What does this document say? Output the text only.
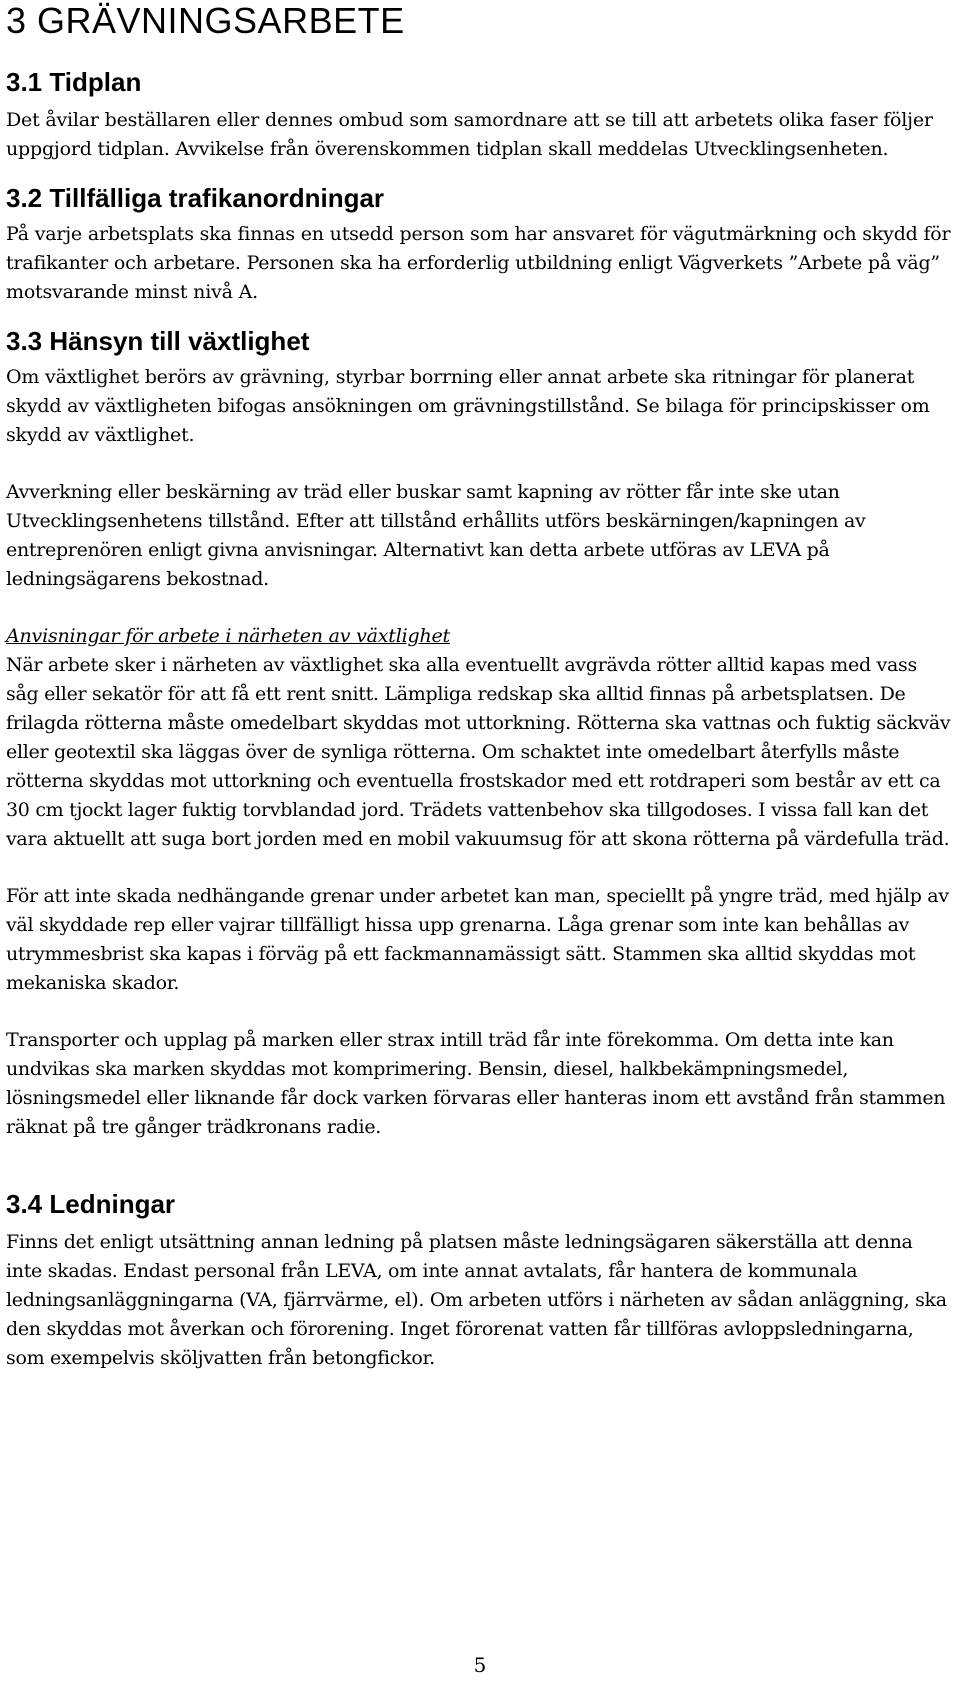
3 GRÄVNINGSARBETE
3.1 Tidplan

Det åvilar beställaren eller dennes ombud som samordnare att se till att arbetets olika faser följer uppgjord tidplan. Avvikelse från överenskommen tidplan skall meddelas Utvecklingsenheten.

3.2 Tillfälliga trafikanordningar

På varje arbetsplats ska finnas en utsedd person som har ansvaret för vägutmärkning och skydd för trafikanter och arbetare. Personen ska ha erforderlig utbildning enligt Vägverkets ”Arbete på väg” motsvarande minst nivå A.

3.3 Hänsyn till växtlighet

Om växtlighet berörs av grävning, styrbar borrning eller annat arbete ska ritningar för planerat skydd av växtligheten bifogas ansökningen om grävningstillstånd. Se bilaga för principskisser om skydd av växtlighet.

Avverkning eller beskärning av träd eller buskar samt kapning av rötter får inte ske utan Utvecklingsenhetens tillstånd. Efter att tillstånd erhållits utförs beskärningen/kapningen av entreprenören enligt givna anvisningar. Alternativt kan detta arbete utföras av LEVA på ledningsägarens bekostnad.

Anvisningar för arbete i närheten av växtlighet

När arbete sker i närheten av växtlighet ska alla eventuellt avgrävda rötter alltid kapas med vass såg eller sekatör för att få ett rent snitt. Lämpliga redskap ska alltid finnas på arbetsplatsen. De frilagda rötterna måste omedelbart skyddas mot uttorkning. Rötterna ska vattnas och fuktig säckväv eller geotextil ska läggas över de synliga rötterna. Om schaktet inte omedelbart återfylls måste rötterna skyddas mot uttorkning och eventuella frostskador med ett rotdraperi som består av ett ca 30 cm tjockt lager fuktig torvblandad jord. Trädets vattenbehov ska tillgodoses. I vissa fall kan det vara aktuellt att suga bort jorden med en mobil vakuumsug för att skona rötterna på värdefulla träd.

För att inte skada nedhängande grenar under arbetet kan man, speciellt på yngre träd, med hjälp av väl skyddade rep eller vajrar tillfälligt hissa upp grenarna. Låga grenar som inte kan behållas av utrymmesbrist ska kapas i förväg på ett fackmannamässigt sätt. Stammen ska alltid skyddas mot mekaniska skador.

Transporter och upplag på marken eller strax intill träd får inte förekomma. Om detta inte kan undvikas ska marken skyddas mot komprimering. Bensin, diesel, halkbekämpningsmedel, lösningsmedel eller liknande får dock varken förvaras eller hanteras inom ett avstånd från stammen räknat på tre gånger trädkronans radie.

3.4 Ledningar

Finns det enligt utsättning annan ledning på platsen måste ledningsägaren säkerställa att denna inte skadas. Endast personal från LEVA, om inte annat avtalats, får hantera de kommunala ledningsanläggningarna (VA, fjärrvärme, el). Om arbeten utförs i närheten av sådan anläggning, ska den skyddas mot åverkan och förorening. Inget förorenat vatten får tillföras avloppsledningarna, som exempelvis sköljvatten från betongfickor.

5
